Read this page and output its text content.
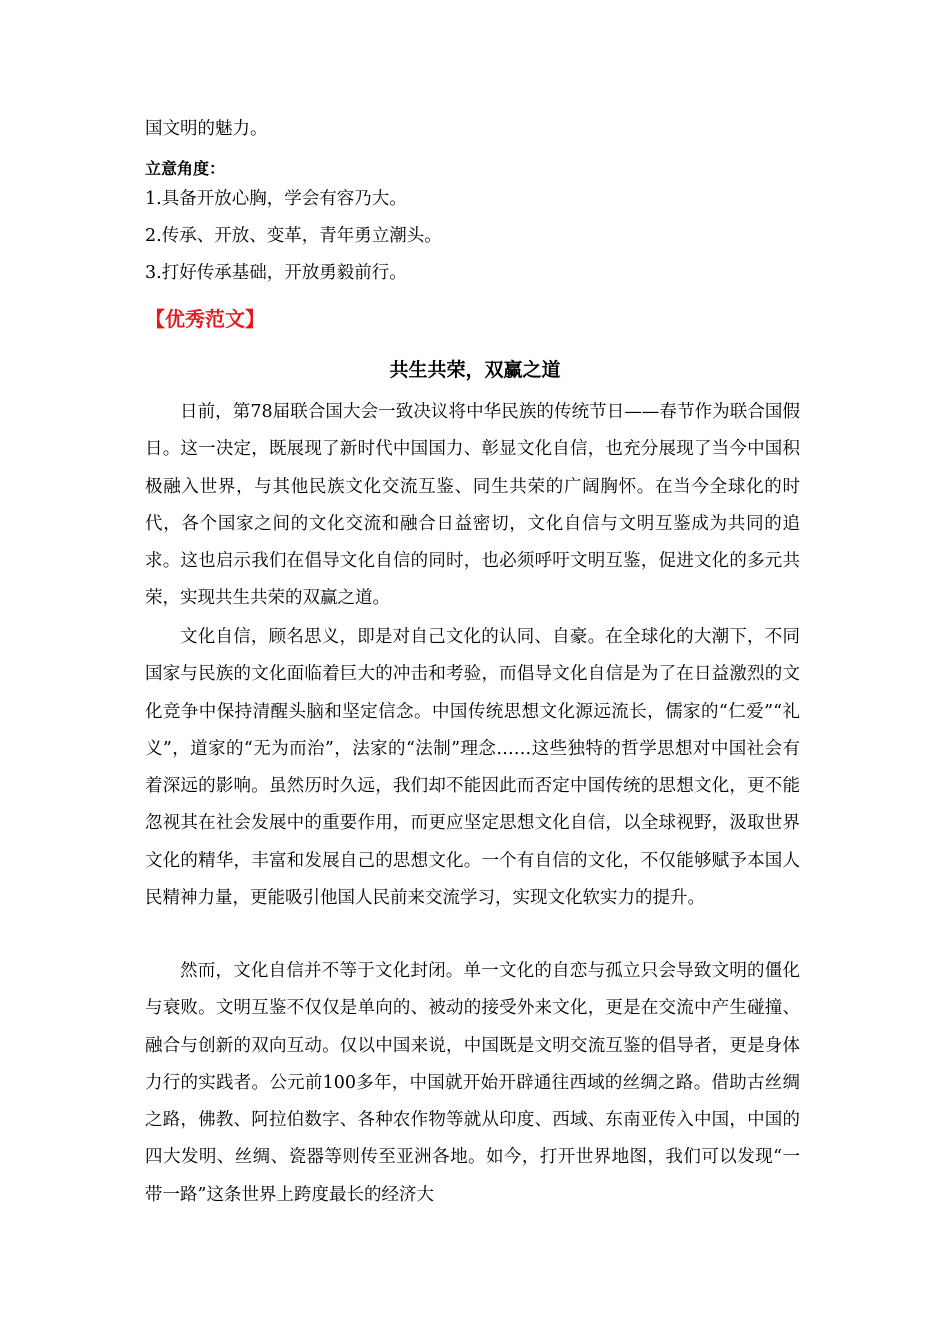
国文明的魅力。
立意角度：
1.具备开放心胸，学会有容乃大。
2.传承、开放、变革，青年勇立潮头。
3.打好传承基础，开放勇毅前行。
【优秀范文】
共生共荣，双赢之道

日前，第78届联合国大会一致决议将中华民族的传统节日——春节作为联合国假日。这一决定，既展现了新时代中国国力、彰显文化自信，也充分展现了当今中国积极融入世界，与其他民族文化交流互鉴、同生共荣的广阔胸怀。在当今全球化的时代，各个国家之间的文化交流和融合日益密切，文化自信与文明互鉴成为共同的追求。这也启示我们在倡导文化自信的同时，也必须呼吁文明互鉴，促进文化的多元共荣，实现共生共荣的双赢之道。

文化自信，顾名思义，即是对自己文化的认同、自豪。在全球化的大潮下，不同国家与民族的文化面临着巨大的冲击和考验，而倡导文化自信是为了在日益激烈的文化竞争中保持清醒头脑和坚定信念。中国传统思想文化源远流长，儒家的“仁爱”“礼义”，道家的“无为而治”，法家的“法制”理念……这些独特的哲学思想对中国社会有着深远的影响。虽然历时久远，我们却不能因此而否定中国传统的思想文化，更不能忽视其在社会发展中的重要作用，而更应坚定思想文化自信，以全球视野，汲取世界文化的精华，丰富和发展自己的思想文化。一个有自信的文化，不仅能够赋予本国人民精神力量，更能吸引他国人民前来交流学习，实现文化软实力的提升。

然而，文化自信并不等于文化封闭。单一文化的自恋与孤立只会导致文明的僵化与衰败。文明互鉴不仅仅是单向的、被动的接受外来文化，更是在交流中产生碰撞、融合与创新的双向互动。仅以中国来说，中国既是文明交流互鉴的倡导者，更是身体力行的实践者。公元前100多年，中国就开始开辟通往西域的丝绸之路。借助古丝绸之路，佛教、阿拉伯数字、各种农作物等就从印度、西域、东南亚传入中国，中国的四大发明、丝绸、瓷器等则传至亚洲各地。如今，打开世界地图，我们可以发现“一带一路”这条世界上跨度最长的经济大
